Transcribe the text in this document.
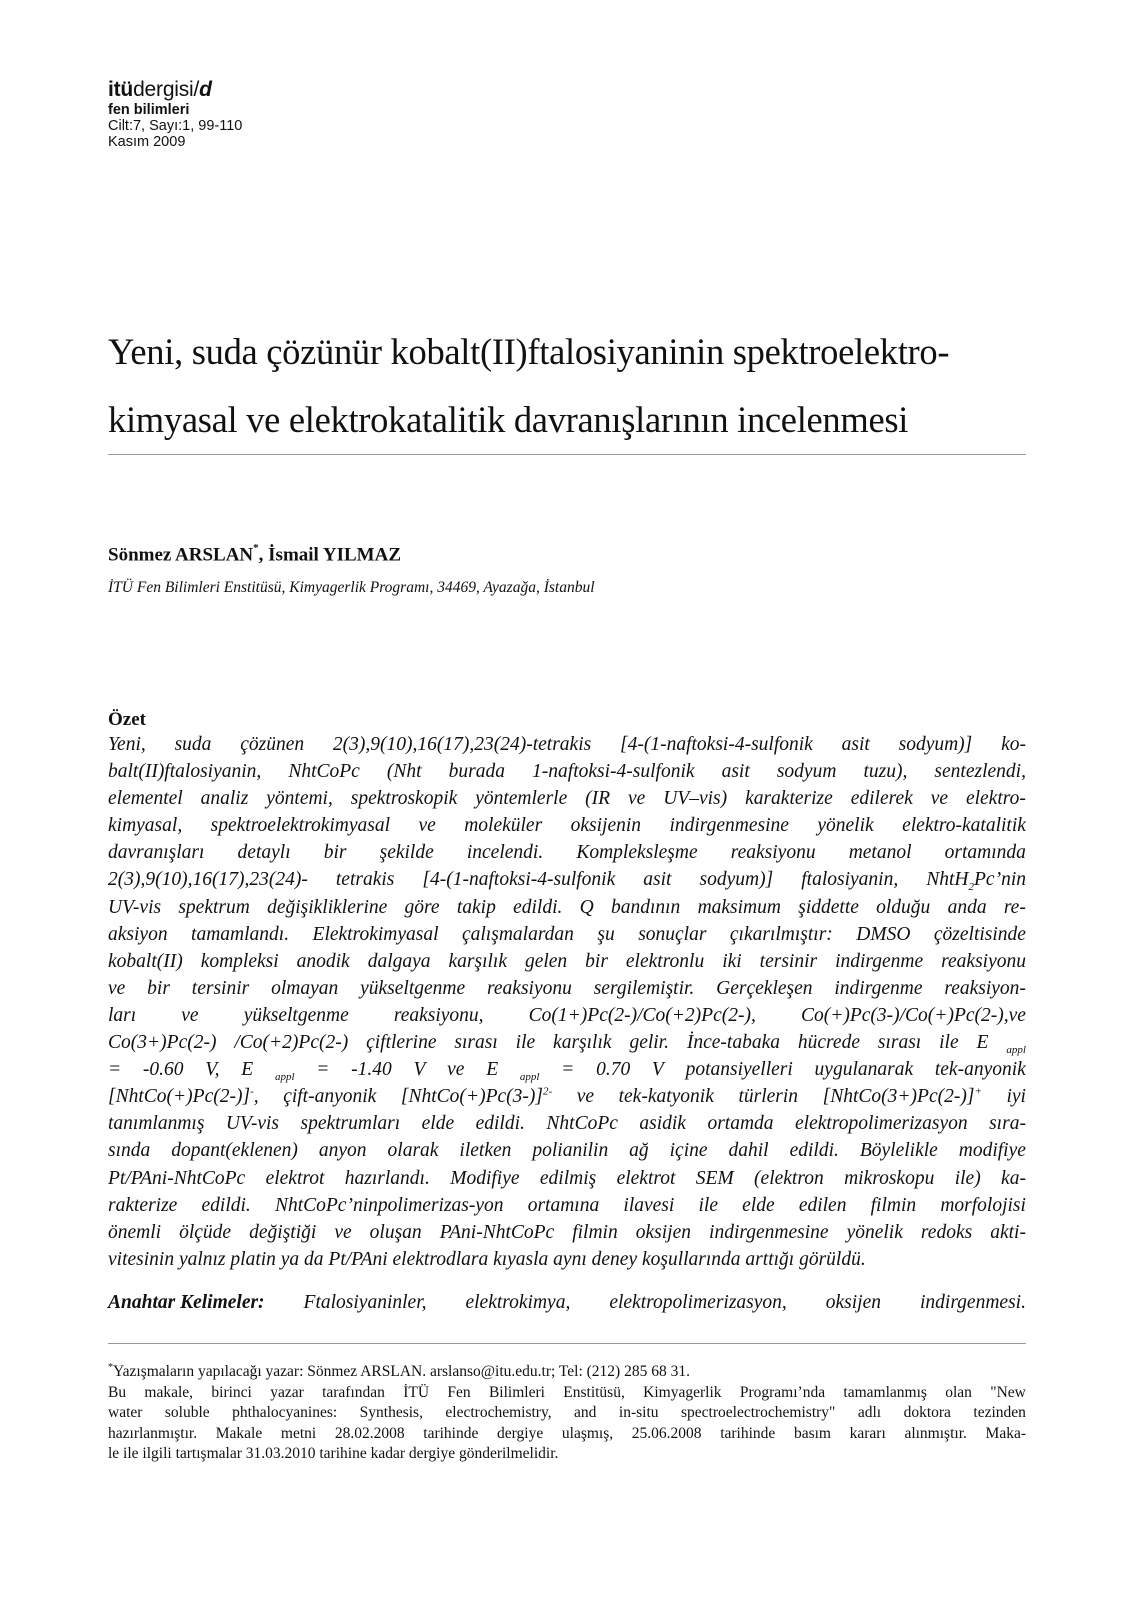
itüdergisi/d
fen bilimleri
Cilt:7, Sayı:1, 99-110
Kasım 2009
Yeni, suda çözünür kobalt(II)ftalosiyaninin spektroelektro-
kimyasal ve elektrokatalitik davranışlarının incelenmesi
Sönmez ARSLAN*, İsmail YILMAZ
İTÜ Fen Bilimleri Enstitüsü, Kimyagerlik Programı, 34469, Ayazağa, İstanbul
Özet
Yeni, suda çözünen 2(3),9(10),16(17),23(24)-tetrakis [4-(1-naftoksi-4-sulfonik asit sodyum)] ko-
balt(II)ftalosiyanin, NhtCoPc (Nht burada 1-naftoksi-4-sulfonik asit sodyum tuzu), sentezlendi,
elementel analiz yöntemi, spektroskopik yöntemlerle (IR ve UV–vis) karakterize edilerek ve elektro-
kimyasal, spektroelektrokimyasal ve moleküler oksijenin indirgenmesine yönelik elektro-katalitik
davranışları detaylı bir şekilde incelendi. Kompleksleşme reaksiyonu metanol ortamında
2(3),9(10),16(17),23(24)- tetrakis [4-(1-naftoksi-4-sulfonik asit sodyum)] ftalosiyanin, NhtH$_2$Pc’nin
UV-vis spektrum değişikliklerine göre takip edildi. Q bandının maksimum şiddette olduğu anda re-
aksiyon tamamlandı. Elektrokimyasal çalışmalardan şu sonuçlar çıkarılmıştır: DMSO çözeltisinde
kobalt(II) kompleksi anodik dalgaya karşılık gelen bir elektronlu iki tersinir indirgenme reaksiyonu
ve bir tersinir olmayan yükseltgenme reaksiyonu sergilemiştir. Gerçekleşen indirgenme reaksiyon-
ları ve yükseltgenme reaksiyonu, Co(1+)Pc(2-)/Co(+2)Pc(2-), Co(+)Pc(3-)/Co(+)Pc(2-),ve
Co(3+)Pc(2-) /Co(+2)Pc(2-) çiftlerine sırası ile karşılık gelir. İnce-tabaka hücrede sırası ile E $_{appl}$
= -0.60 V, E $_{appl}$ = -1.40 V ve E $_{appl}$ = 0.70 V potansiyelleri uygulanarak tek-anyonik
[NhtCo(+)Pc(2-)]-, çift-anyonik [NhtCo(+)Pc(3-)]$^{2-}$ ve tek-katyonik türlerin [NhtCo(3+)Pc(2-)]+ iyi
tanımlanmış UV-vis spektrumları elde edildi. NhtCoPc asidik ortamda elektropolimerizasyon sıra-
sında dopant(eklenen) anyon olarak iletken polianilin ağ içine dahil edildi. Böylelikle modifiye
Pt/PAni-NhtCoPc elektrot hazırlandı. Modifiye edilmiş elektrot SEM (elektron mikroskopu ile) ka-
rakterize edildi. NhtCoPc’ninpolimerizas-yon ortamına ilavesi ile elde edilen filmin morfolojisi
önemli ölçüde değiştiği ve oluşan PAni-NhtCoPc filmin oksijen indirgenmesine yönelik redoks akti-
vitesinin yalnız platin ya da Pt/PAni elektrodlara kıyasla aynı deney koşullarında arttığı görüldü.
Anahtar Kelimeler: Ftalosiyaninler, elektrokimya, elektropolimerizasyon, oksijen indirgenmesi.
*Yazışmaların yapılacağı yazar: Sönmez ARSLAN. arslanso@itu.edu.tr; Tel: (212) 285 68 31.
Bu makale, birinci yazar tarafından İTÜ Fen Bilimleri Enstitüsü, Kimyagerlik Programı’nda tamamlanmış olan "New
water soluble phthalocyanines: Synthesis, electrochemistry, and in-situ spectroelectrochemistry" adlı doktora tezinden
hazırlanmıştır. Makale metni 28.02.2008 tarihinde dergiye ulaşmış, 25.06.2008 tarihinde basım kararı alınmıştır. Maka-
le ile ilgili tartışmalar 31.03.2010 tarihine kadar dergiye gönderilmelidir.
